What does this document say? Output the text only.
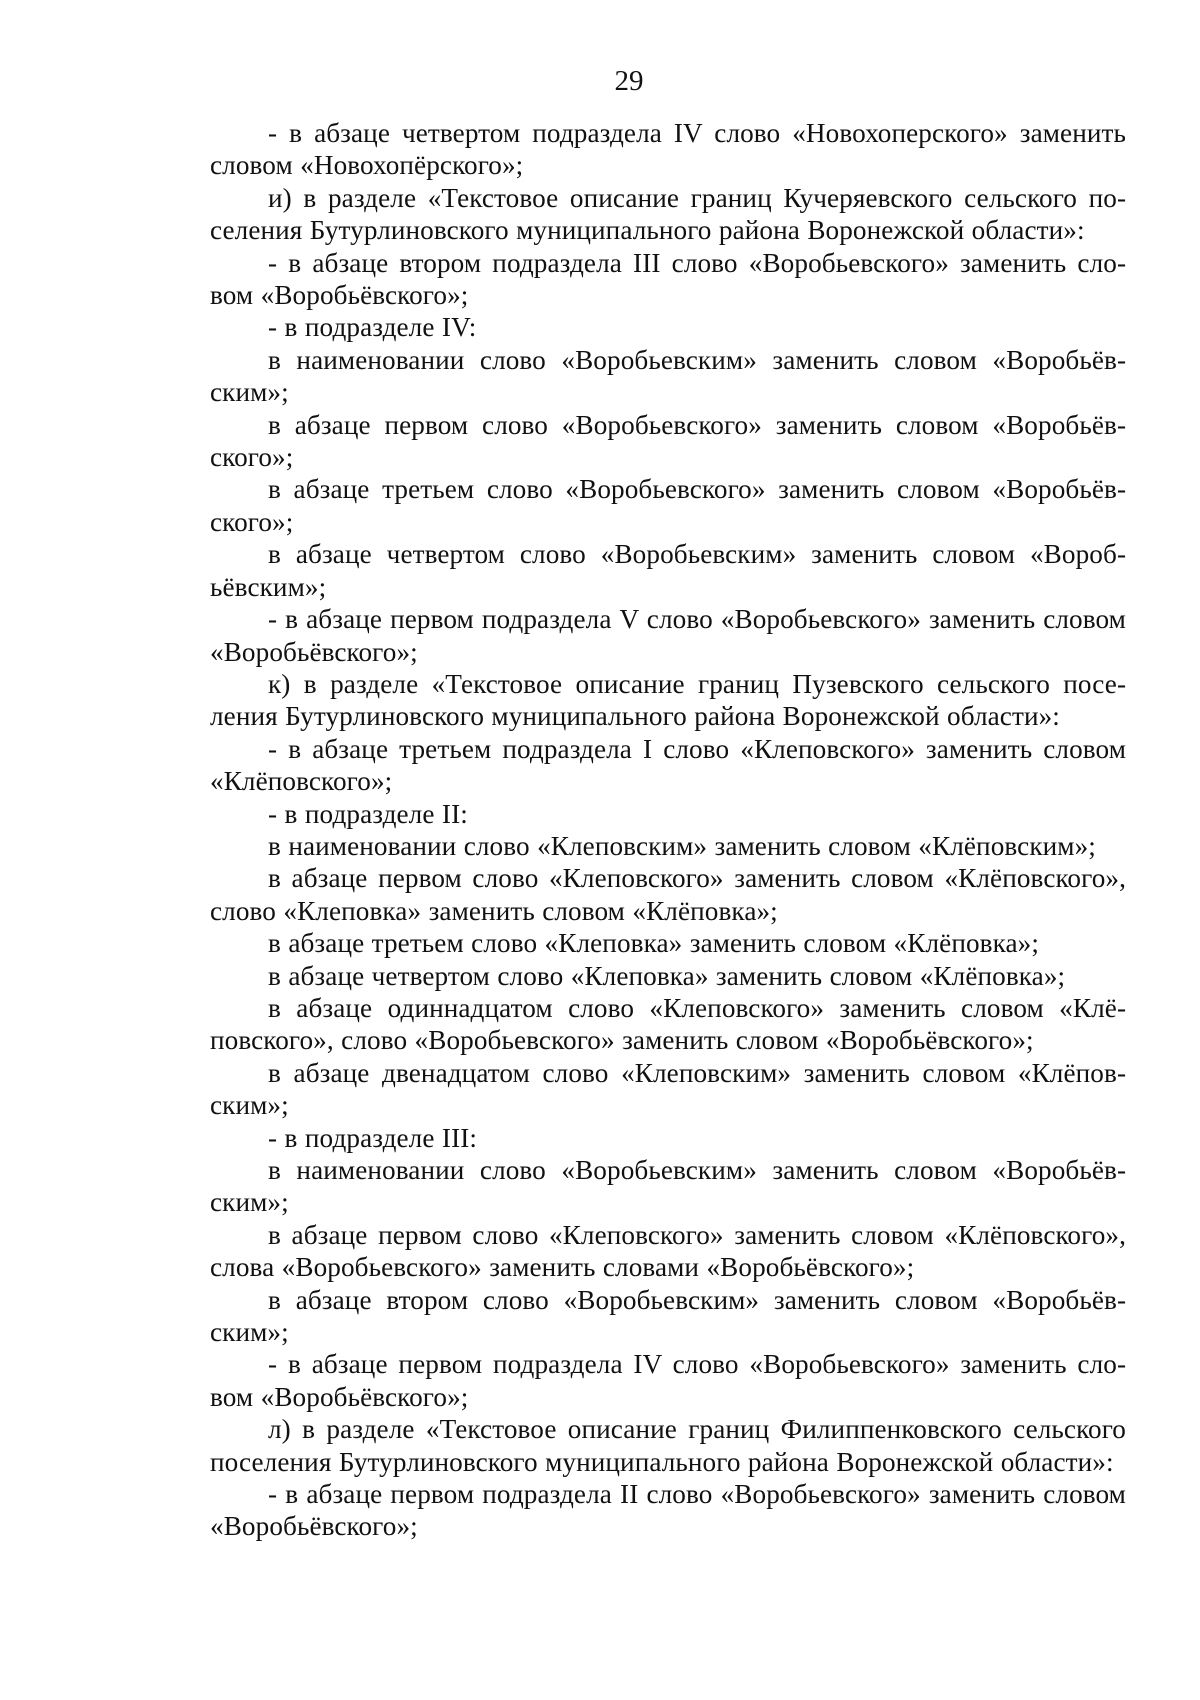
29

- в абзаце четвертом подраздела IV слово «Новохоперского» заменить словом «Новохопёрского»;

и) в разделе «Текстовое описание границ Кучеряевского сельского поселения Бутурлиновского муниципального района Воронежской области»:

- в абзаце втором подраздела III слово «Воробьевского» заменить словом «Воробьёвского»;

- в подразделе IV:

в наименовании слово «Воробьевским» заменить словом «Воробьёвским»;

в абзаце первом слово «Воробьевского» заменить словом «Воробьёвского»;

в абзаце третьем слово «Воробьевского» заменить словом «Воробьёвского»;

в абзаце четвертом слово «Воробьевским» заменить словом «Воробьёвским»;

- в абзаце первом подраздела V слово «Воробьевского» заменить словом «Воробьёвского»;

к) в разделе «Текстовое описание границ Пузевского сельского поселения Бутурлиновского муниципального района Воронежской области»:

- в абзаце третьем подраздела I слово «Клеповского» заменить словом «Клёповского»;

- в подразделе II:

в наименовании слово «Клеповским» заменить словом «Клёповским»;

в абзаце первом слово «Клеповского» заменить словом «Клёповского», слово «Клеповка» заменить словом «Клёповка»;

в абзаце третьем слово «Клеповка» заменить словом «Клёповка»;

в абзаце четвертом слово «Клеповка» заменить словом «Клёповка»;

в абзаце одиннадцатом слово «Клеповского» заменить словом «Клёповского», слово «Воробьевского» заменить словом «Воробьёвского»;

в абзаце двенадцатом слово «Клеповским» заменить словом «Клёповским»;

- в подразделе III:

в наименовании слово «Воробьевским» заменить словом «Воробьёвским»;

в абзаце первом слово «Клеповского» заменить словом «Клёповского», слова «Воробьевского» заменить словами «Воробьёвского»;

в абзаце втором слово «Воробьевским» заменить словом «Воробьёвским»;

- в абзаце первом подраздела IV слово «Воробьевского» заменить словом «Воробьёвского»;

л) в разделе «Текстовое описание границ Филиппенковского сельского поселения Бутурлиновского муниципального района Воронежской области»:

- в абзаце первом подраздела II слово «Воробьевского» заменить словом «Воробьёвского»;
